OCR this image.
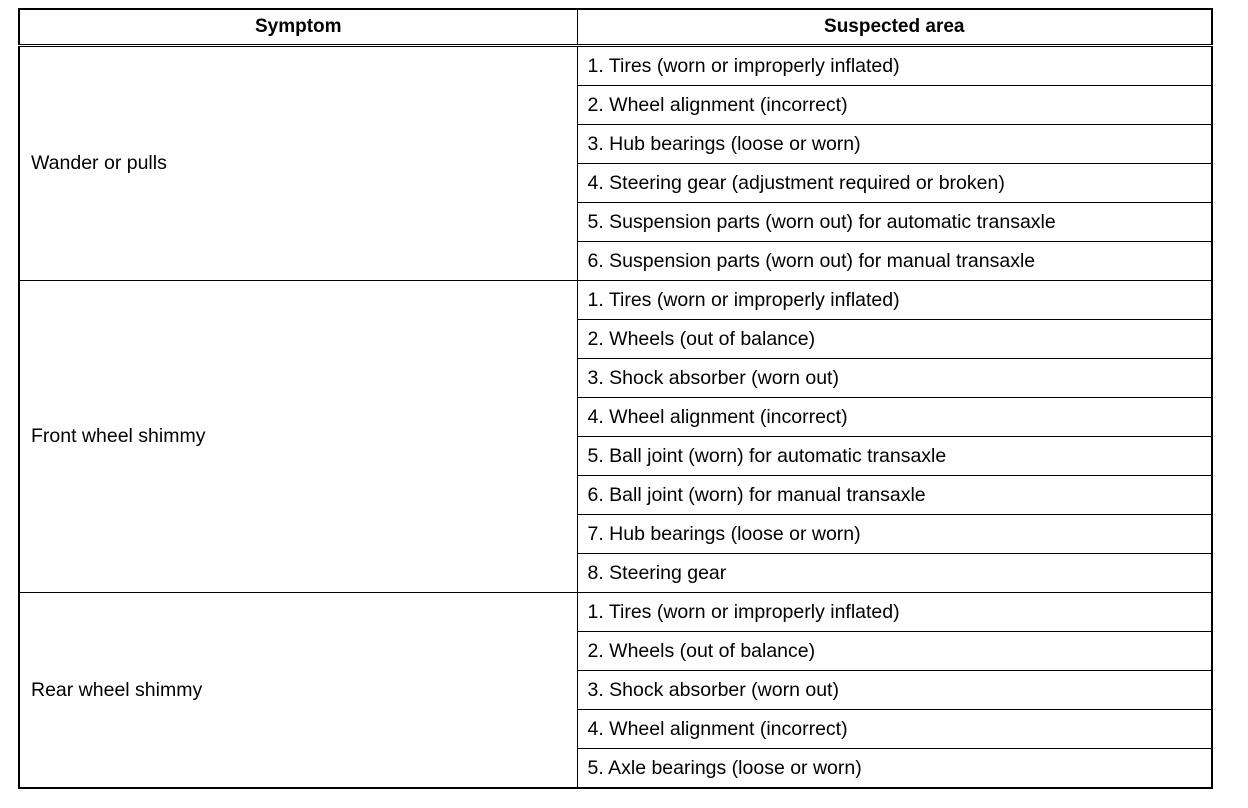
Symptom	Suspected area
Wander or pulls	1. Tires (worn or improperly inflated)
	2. Wheel alignment (incorrect)
	3. Hub bearings (loose or worn)
	4. Steering gear (adjustment required or broken)
	5. Suspension parts (worn out) for automatic transaxle
	6. Suspension parts (worn out) for manual transaxle
Front wheel shimmy	1. Tires (worn or improperly inflated)
	2. Wheels (out of balance)
	3. Shock absorber (worn out)
	4. Wheel alignment (incorrect)
	5. Ball joint (worn) for automatic transaxle
	6. Ball joint (worn) for manual transaxle
	7. Hub bearings (loose or worn)
	8. Steering gear
Rear wheel shimmy	1. Tires (worn or improperly inflated)
	2. Wheels (out of balance)
	3. Shock absorber (worn out)
	4. Wheel alignment (incorrect)
	5. Axle bearings (loose or worn)
